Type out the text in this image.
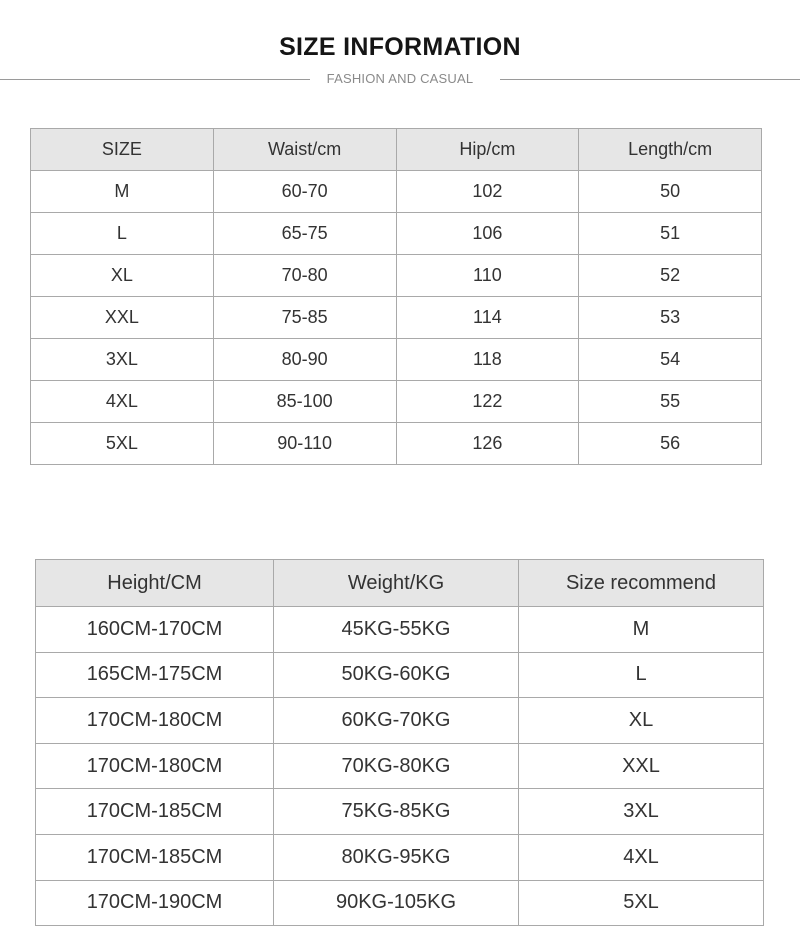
SIZE INFORMATION
FASHION AND CASUAL
SIZE	Waist/cm	Hip/cm	Length/cm
M	60-70	102	50
L	65-75	106	51
XL	70-80	110	52
XXL	75-85	114	53
3XL	80-90	118	54
4XL	85-100	122	55
5XL	90-110	126	56
Height/CM	Weight/KG	Size recommend
160CM-170CM	45KG-55KG	M
165CM-175CM	50KG-60KG	L
170CM-180CM	60KG-70KG	XL
170CM-180CM	70KG-80KG	XXL
170CM-185CM	75KG-85KG	3XL
170CM-185CM	80KG-95KG	4XL
170CM-190CM	90KG-105KG	5XL
